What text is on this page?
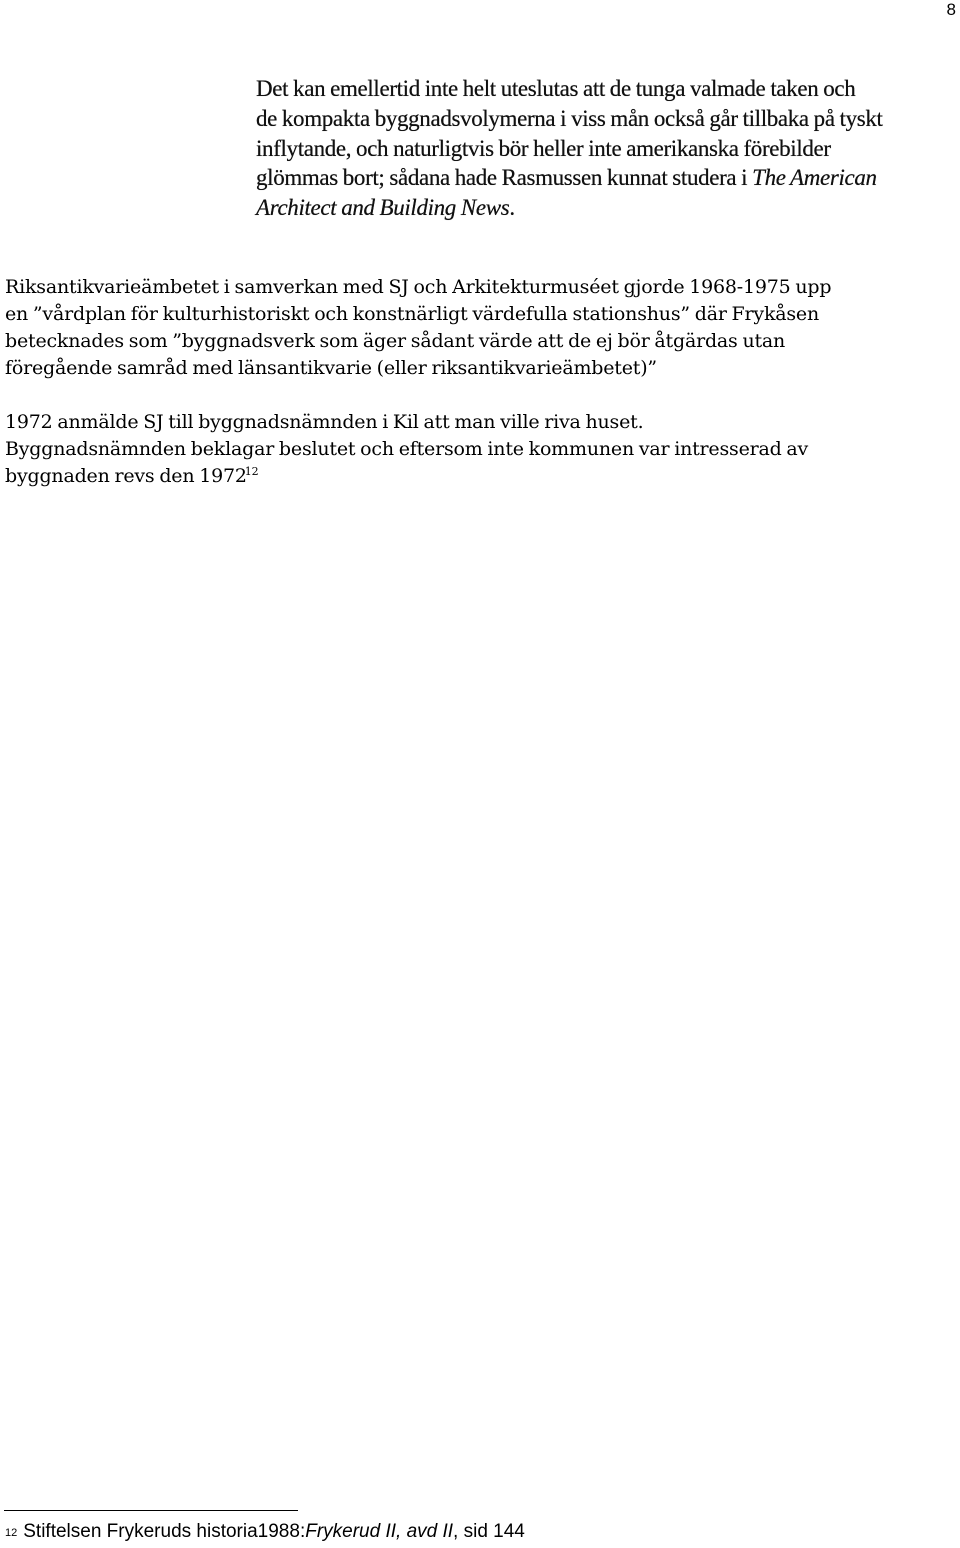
8
Det kan emellertid inte helt uteslutas att de tunga valmade taken och
de kompakta byggnadsvolymerna i viss mån också går tillbaka på tyskt
inflytande, och naturligtvis bör heller inte amerikanska förebilder
glömmas bort; sådana hade Rasmussen kunnat studera i The American
Architect and Building News.
Riksantikvarieämbetet i samverkan med SJ och Arkitekturmuséet gjorde 1968-1975 upp
en ”vårdplan för kulturhistoriskt och konstnärligt värdefulla stationshus” där Frykåsen
betecknades som ”byggnadsverk som äger sådant värde att de ej bör åtgärdas utan
föregående samråd med länsantikvarie (eller riksantikvarieämbetet)”
1972 anmälde SJ till byggnadsnämnden i Kil att man ville riva huset.
Byggnadsnämnden beklagar beslutet och eftersom inte kommunen var intresserad av
byggnaden revs den 1972$^{12}$
$^{12}$ Stiftelsen Frykeruds historia1988:Frykerud II, avd II, sid 144
